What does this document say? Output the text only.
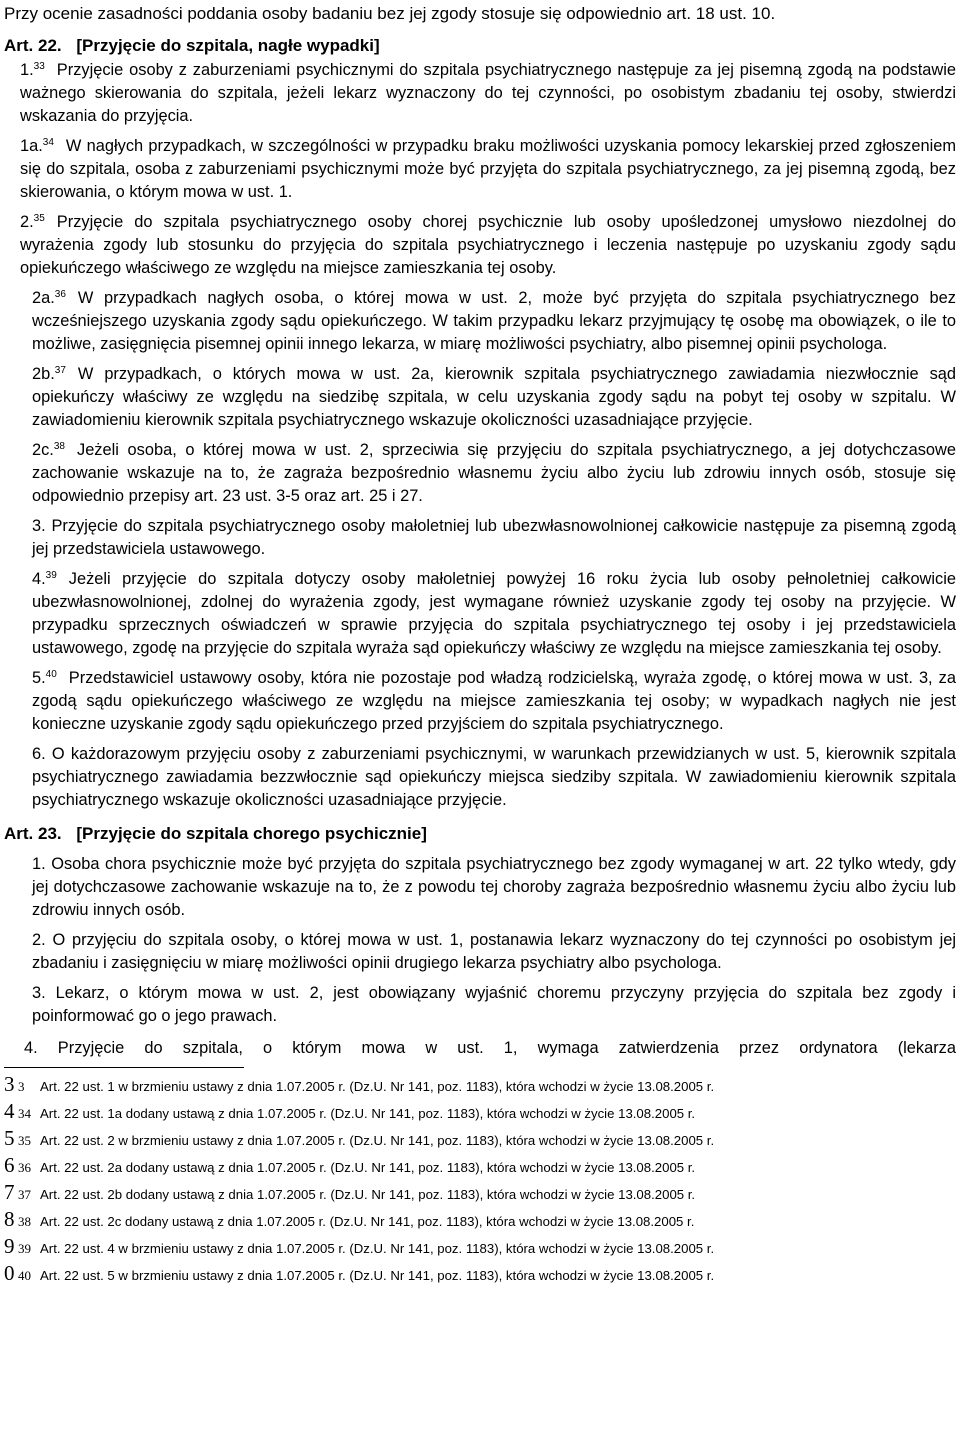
Przy ocenie zasadności poddania osoby badaniu bez jej zgody stosuje się odpowiednio art. 18 ust. 10.
Art. 22. [Przyjęcie do szpitala, nagłe wypadki]

1.33 Przyjęcie osoby z zaburzeniami psychicznymi do szpitala psychiatrycznego następuje za jej pisemną zgodą na podstawie ważnego skierowania do szpitala, jeżeli lekarz wyznaczony do tej czynności, po osobistym zbadaniu tej osoby, stwierdzi wskazania do przyjęcia.

1a.$^{34}$ W nagłych przypadkach, w szczególności w przypadku braku możliwości uzyskania pomocy lekarskiej przed zgłoszeniem się do szpitala, osoba z zaburzeniami psychicznymi może być przyjęta do szpitala psychiatrycznego, za jej pisemną zgodą, bez skierowania, o którym mowa w ust. 1.

2.35 Przyjęcie do szpitala psychiatrycznego osoby chorej psychicznie lub osoby upośledzonej umysłowo niezdolnej do wyrażenia zgody lub stosunku do przyjęcia do szpitala psychiatrycznego i leczenia następuje po uzyskaniu zgody sądu opiekuńczego właściwego ze względu na miejsce zamieszkania tej osoby.

2a.$^{36}$ W przypadkach nagłych osoba, o której mowa w ust. 2, może być przyjęta do szpitala psychiatrycznego bez wcześniejszego uzyskania zgody sądu opiekuńczego. W takim przypadku lekarz przyjmujący tę osobę ma obowiązek, o ile to możliwe, zasięgnięcia pisemnej opinii innego lekarza, w miarę możliwości psychiatry, albo pisemnej opinii psychologa.

2b.$^{37}$ W przypadkach, o których mowa w ust. 2a, kierownik szpitala psychiatrycznego zawiadamia niezwłocznie sąd opiekuńczy właściwy ze względu na siedzibę szpitala, w celu uzyskania zgody sądu na pobyt tej osoby w szpitalu. W zawiadomieniu kierownik szpitala psychiatrycznego wskazuje okoliczności uzasadniające przyjęcie.

2c.$^{38}$ Jeżeli osoba, o której mowa w ust. 2, sprzeciwia się przyjęciu do szpitala psychiatrycznego, a jej dotychczasowe zachowanie wskazuje na to, że zagraża bezpośrednio własnemu życiu albo życiu lub zdrowiu innych osób, stosuje się odpowiednio przepisy art. 23 ust. 3-5 oraz art. 25 i 27.

3. Przyjęcie do szpitala psychiatrycznego osoby małoletniej lub ubezwłasnowolnionej całkowicie następuje za pisemną zgodą jej przedstawiciela ustawowego.

4.39 Jeżeli przyjęcie do szpitala dotyczy osoby małoletniej powyżej 16 roku życia lub osoby pełnoletniej całkowicie ubezwłasnowolnionej, zdolnej do wyrażenia zgody, jest wymagane również uzyskanie zgody tej osoby na przyjęcie. W przypadku sprzecznych oświadczeń w sprawie przyjęcia do szpitala psychiatrycznego tej osoby i jej przedstawiciela ustawowego, zgodę na przyjęcie do szpitala wyraża sąd opiekuńczy właściwy ze względu na miejsce zamieszkania tej osoby.

5.40 Przedstawiciel ustawowy osoby, która nie pozostaje pod władzą rodzicielską, wyraża zgodę, o której mowa w ust. 3, za zgodą sądu opiekuńczego właściwego ze względu na miejsce zamieszkania tej osoby; w wypadkach nagłych nie jest konieczne uzyskanie zgody sądu opiekuńczego przed przyjściem do szpitala psychiatrycznego.

6. O każdorazowym przyjęciu osoby z zaburzeniami psychicznymi, w warunkach przewidzianych w ust. 5, kierownik szpitala psychiatrycznego zawiadamia bezzwłocznie sąd opiekuńczy miejsca siedziby szpitala. W zawiadomieniu kierownik szpitala psychiatrycznego wskazuje okoliczności uzasadniające przyjęcie.

Art. 23. [Przyjęcie do szpitala chorego psychicznie]

1. Osoba chora psychicznie może być przyjęta do szpitala psychiatrycznego bez zgody wymaganej w art. 22 tylko wtedy, gdy jej dotychczasowe zachowanie wskazuje na to, że z powodu tej choroby zagraża bezpośrednio własnemu życiu albo życiu lub zdrowiu innych osób.

2. O przyjęciu do szpitala osoby, o której mowa w ust. 1, postanawia lekarz wyznaczony do tej czynności po osobistym jej zbadaniu i zasięgnięciu w miarę możliwości opinii drugiego lekarza psychiatry albo psychologa.

3. Lekarz, o którym mowa w ust. 2, jest obowiązany wyjaśnić choremu przyczyny przyjęcia do szpitala bez zgody i poinformować go o jego prawach.

4. Przyjęcie do szpitala, o którym mowa w ust. 1, wymaga zatwierdzenia przez ordynatora (lekarza
3 3	Art. 22 ust. 1 w brzmieniu ustawy z dnia 1.07.2005 r. (Dz.U. Nr 141, poz. 1183), która wchodzi w życie 13.08.2005 r.
4 34 Art. 22 ust. 1a dodany ustawą z dnia 1.07.2005 r. (Dz.U. Nr 141, poz. 1183), która wchodzi w życie 13.08.2005 r.
5 35 Art. 22 ust. 2 w brzmieniu ustawy z dnia 1.07.2005 r. (Dz.U. Nr 141, poz. 1183), która wchodzi w życie 13.08.2005 r.
6 36 Art. 22 ust. 2a dodany ustawą z dnia 1.07.2005 r. (Dz.U. Nr 141, poz. 1183), która wchodzi w życie 13.08.2005 r.
7 37 Art. 22 ust. 2b dodany ustawą z dnia 1.07.2005 r. (Dz.U. Nr 141, poz. 1183), która wchodzi w życie 13.08.2005 r.
8 38 Art. 22 ust. 2c dodany ustawą z dnia 1.07.2005 r. (Dz.U. Nr 141, poz. 1183), która wchodzi w życie 13.08.2005 r.
9 39 Art. 22 ust. 4 w brzmieniu ustawy z dnia 1.07.2005 r. (Dz.U. Nr 141, poz. 1183), która wchodzi w życie 13.08.2005 r.
0 40 Art. 22 ust. 5 w brzmieniu ustawy z dnia 1.07.2005 r. (Dz.U. Nr 141, poz. 1183), która wchodzi w życie 13.08.2005 r.
